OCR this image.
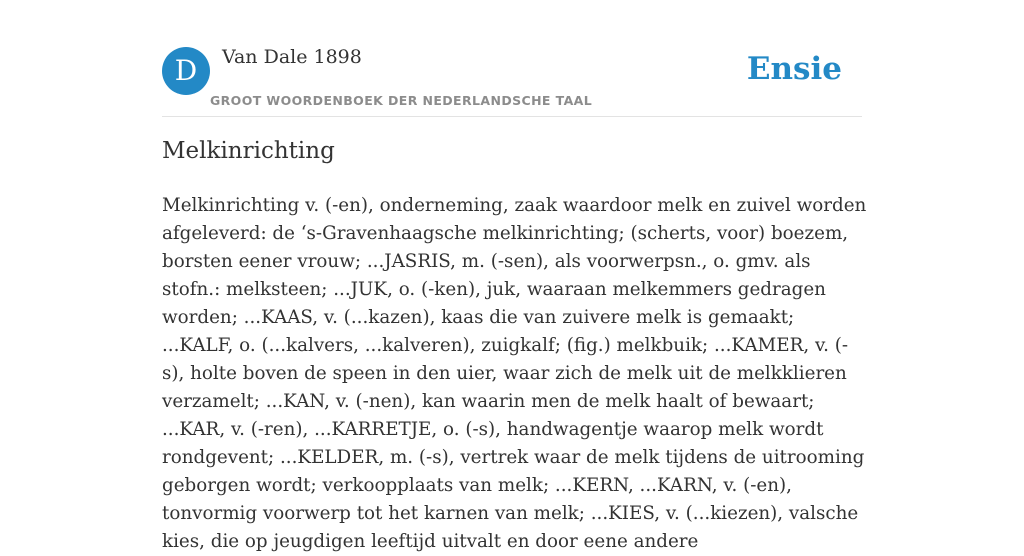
D	Van Dale 1898
GROOT WOORDENBOEK DER NEDERLANDSCHE TAAL
Ensie
Melkinrichting

Melkinrichting v. (-en), onderneming, zaak waardoor melk en zuivel worden afgeleverd: de ‘s-Gravenhaagsche melkinrichting; (scherts, voor) boezem, borsten eener vrouw; ...JASRIS, m. (-sen), als voorwerpsn., o. gmv. als stofn.: melksteen; ...JUK, o. (-ken), juk, waaraan melkemmers gedragen worden; ...KAAS, v. (...kazen), kaas die van zuivere melk is gemaakt; ...KALF, o. (...kalvers, ...kalveren), zuigkalf; (fig.) melkbuik; ...KAMER, v. (-s), holte boven de speen in den uier, waar zich de melk uit de melkklieren verzamelt; ...KAN, v. (-nen), kan waarin men de melk haalt of bewaart; ...KAR, v. (-ren), ...KARRETJE, o. (-s), handwagentje waarop melk wordt rondgevent; ...KELDER, m. (-s), vertrek waar de melk tijdens de uitrooming geborgen wordt; verkoopplaats van melk; ...KERN, ...KARN, v. (-en), tonvormig voorwerp tot het karnen van melk; ...KIES, v. (...kiezen), valsche kies, die op jeugdigen leeftijd uitvalt en door eene andere
